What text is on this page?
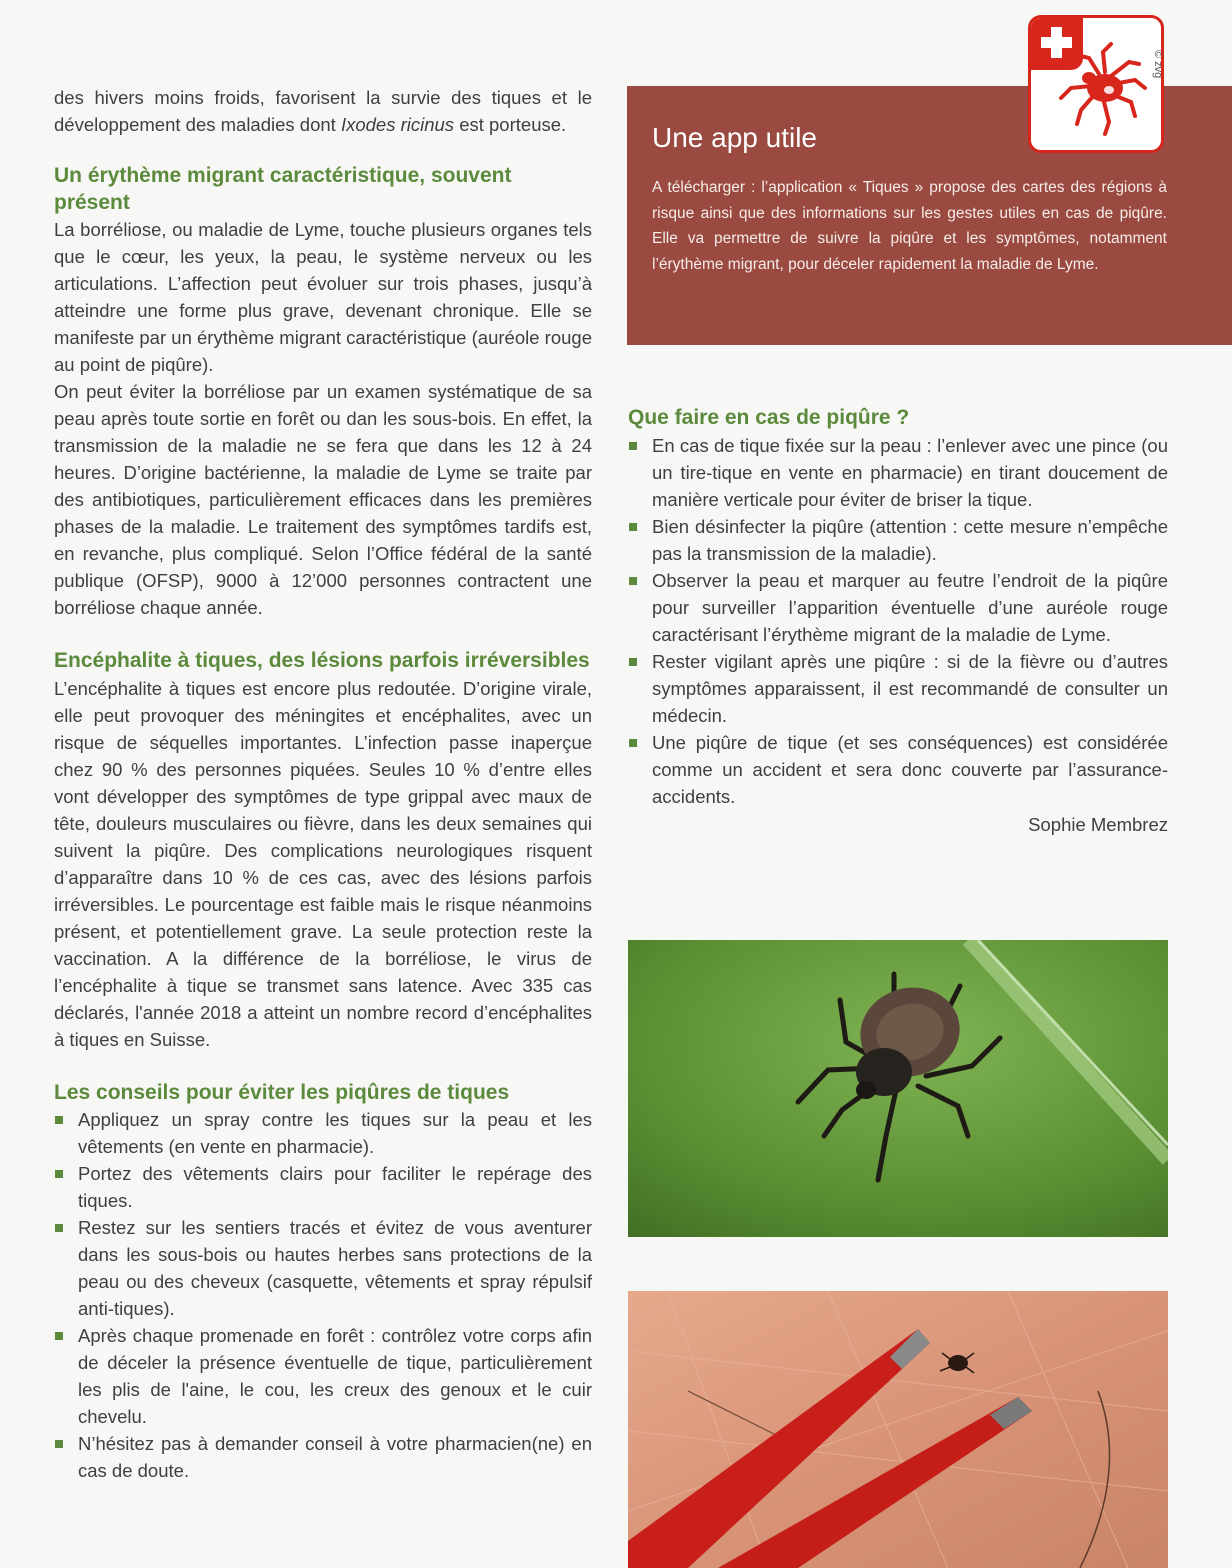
des hivers moins froids, favorisent la survie des tiques et le développement des maladies dont Ixodes ricinus est porteuse.

Un érythème migrant caractéristique, souvent présent

La borréliose, ou maladie de Lyme, touche plusieurs organes tels que le cœur, les yeux, la peau, le système nerveux ou les articulations. L’affection peut évoluer sur trois phases, jusqu’à atteindre une forme plus grave, devenant chronique. Elle se manifeste par un érythème migrant caractéristique (auréole rouge au point de piqûre).

On peut éviter la borréliose par un examen systématique de sa peau après toute sortie en forêt ou dan les sous-bois. En effet, la transmission de la maladie ne se fera que dans les 12 à 24 heures. D’origine bactérienne, la maladie de Lyme se traite par des antibiotiques, particulièrement efficaces dans les premières phases de la maladie. Le traitement des symptômes tardifs est, en revanche, plus compliqué. Selon l’Office fédéral de la santé publique (OFSP), 9000 à 12’000 personnes contractent une borréliose chaque année.

Encéphalite à tiques, des lésions parfois irréversibles

L’encéphalite à tiques est encore plus redoutée. D’origine virale, elle peut provoquer des méningites et encéphalites, avec un risque de séquelles importantes. L’infection passe inaperçue chez 90 % des personnes piquées. Seules 10 % d’entre elles vont développer des symptômes de type grippal avec maux de tête, douleurs musculaires ou fièvre, dans les deux semaines qui suivent la piqûre. Des complications neurologiques risquent d’apparaître dans 10 % de ces cas, avec des lésions parfois irréversibles. Le pourcentage est faible mais le risque néanmoins présent, et potentiellement grave. La seule protection reste la vaccination. A la différence de la borréliose, le virus de l’encéphalite à tique se transmet sans latence. Avec 335 cas déclarés, l'année 2018 a atteint un nombre record d’encéphalites à tiques en Suisse.

Les conseils pour éviter les piqûres de tiques
Appliquez un spray contre les tiques sur la peau et les vêtements (en vente en pharmacie).
Portez des vêtements clairs pour faciliter le repérage des tiques.
Restez sur les sentiers tracés et évitez de vous aventurer dans les sous-bois ou hautes herbes sans protections de la peau ou des cheveux (casquette, vêtements et spray répulsif anti-tiques).
Après chaque promenade en forêt : contrôlez votre corps afin de déceler la présence éventuelle de tique, particulièrement les plis de l'aine, le cou, les creux des genoux et le cuir chevelu.
N’hésitez pas à demander conseil à votre pharmacien(ne) en cas de doute.
Une app utile

A télécharger : l’application « Tiques » propose des cartes des régions à risque ainsi que des informations sur les gestes utiles en cas de piqûre. Elle va permettre de suivre la piqûre et les symptômes, notamment l’érythème migrant, pour déceler rapidement la maladie de Lyme.

© zvg
Que faire en cas de piqûre ?
En cas de tique fixée sur la peau : l’enlever avec une pince (ou un tire-tique en vente en pharmacie) en tirant doucement de manière verticale pour éviter de briser la tique.
Bien désinfecter la piqûre (attention : cette mesure n’empêche pas la transmission de la maladie).
Observer la peau et marquer au feutre l’endroit de la piqûre pour surveiller l’apparition éventuelle d’une auréole rouge caractérisant l’érythème migrant de la maladie de Lyme.
Rester vigilant après une piqûre : si de la fièvre ou d’autres symptômes apparaissent, il est recommandé de consulter un médecin.
Une piqûre de tique (et ses conséquences) est considérée comme un accident et sera donc couverte par l’assurance-accidents.
Sophie Membrez
